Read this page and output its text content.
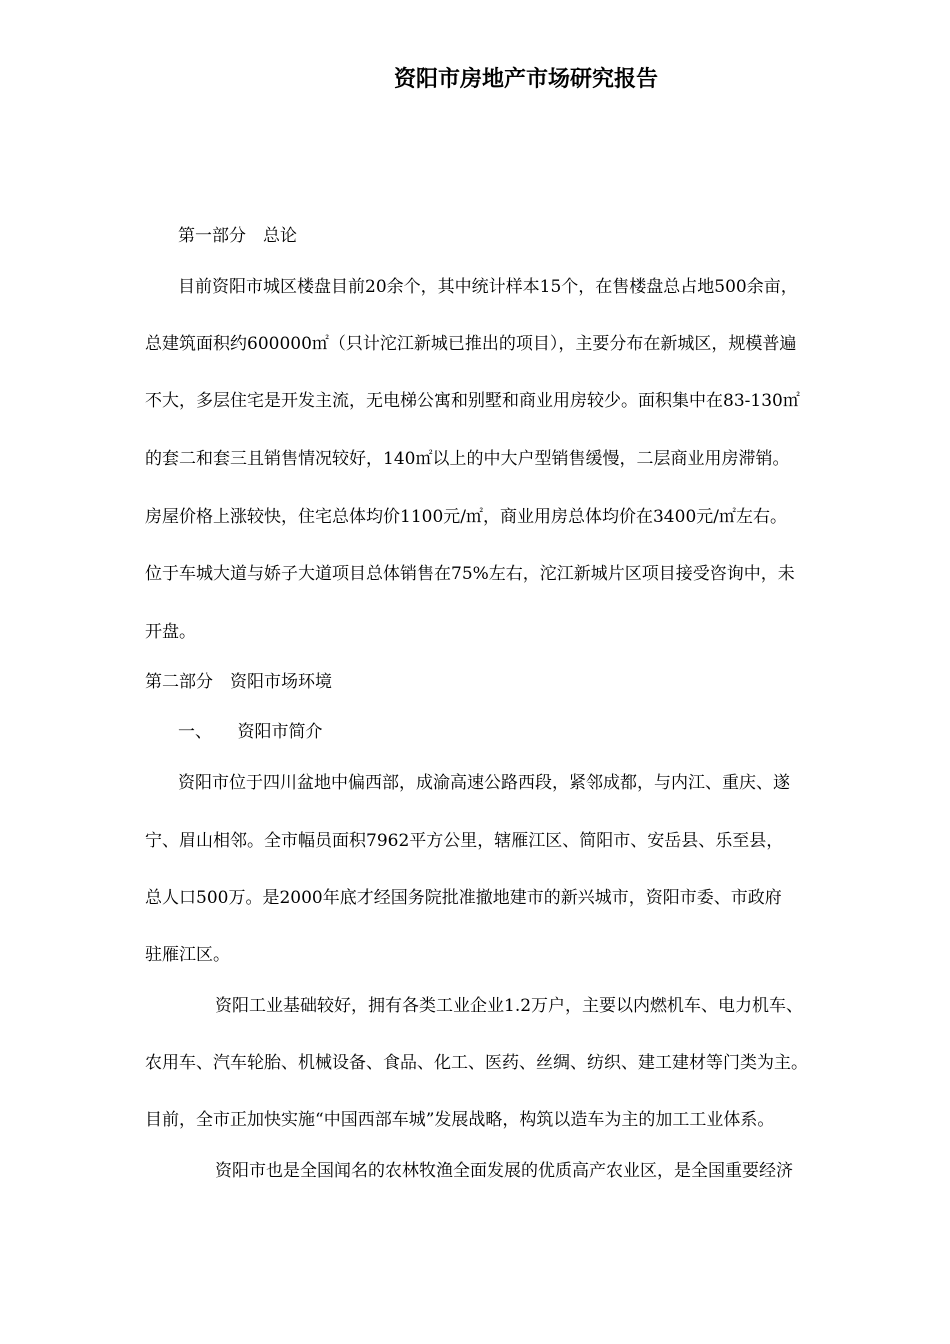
资阳市房地产市场研究报告
第一部分　总论
目前资阳市城区楼盘目前20余个，其中统计样本15个，在售楼盘总占地500余亩，
总建筑面积约600000㎡（只计沱江新城已推出的项目），主要分布在新城区，规模普遍
不大，多层住宅是开发主流，无电梯公寓和别墅和商业用房较少。面积集中在83-130㎡
的套二和套三且销售情况较好，140㎡以上的中大户型销售缓慢，二层商业用房滞销。
房屋价格上涨较快，住宅总体均价1100元/㎡，商业用房总体均价在3400元/㎡左右。
位于车城大道与娇子大道项目总体销售在75%左右，沱江新城片区项目接受咨询中，未
开盘。
第二部分　资阳市场环境
一、　　资阳市简介
资阳市位于四川盆地中偏西部，成渝高速公路西段，紧邻成都，与内江、重庆、遂
宁、眉山相邻。全市幅员面积7962平方公里，辖雁江区、简阳市、安岳县、乐至县，
总人口500万。是2000年底才经国务院批准撤地建市的新兴城市，资阳市委、市政府
驻雁江区。
资阳工业基础较好，拥有各类工业企业1.2万户，主要以内燃机车、电力机车、
农用车、汽车轮胎、机械设备、食品、化工、医药、丝绸、纺织、建工建材等门类为主。
目前，全市正加快实施“中国西部车城”发展战略，构筑以造车为主的加工工业体系。
资阳市也是全国闻名的农林牧渔全面发展的优质高产农业区，是全国重要经济
